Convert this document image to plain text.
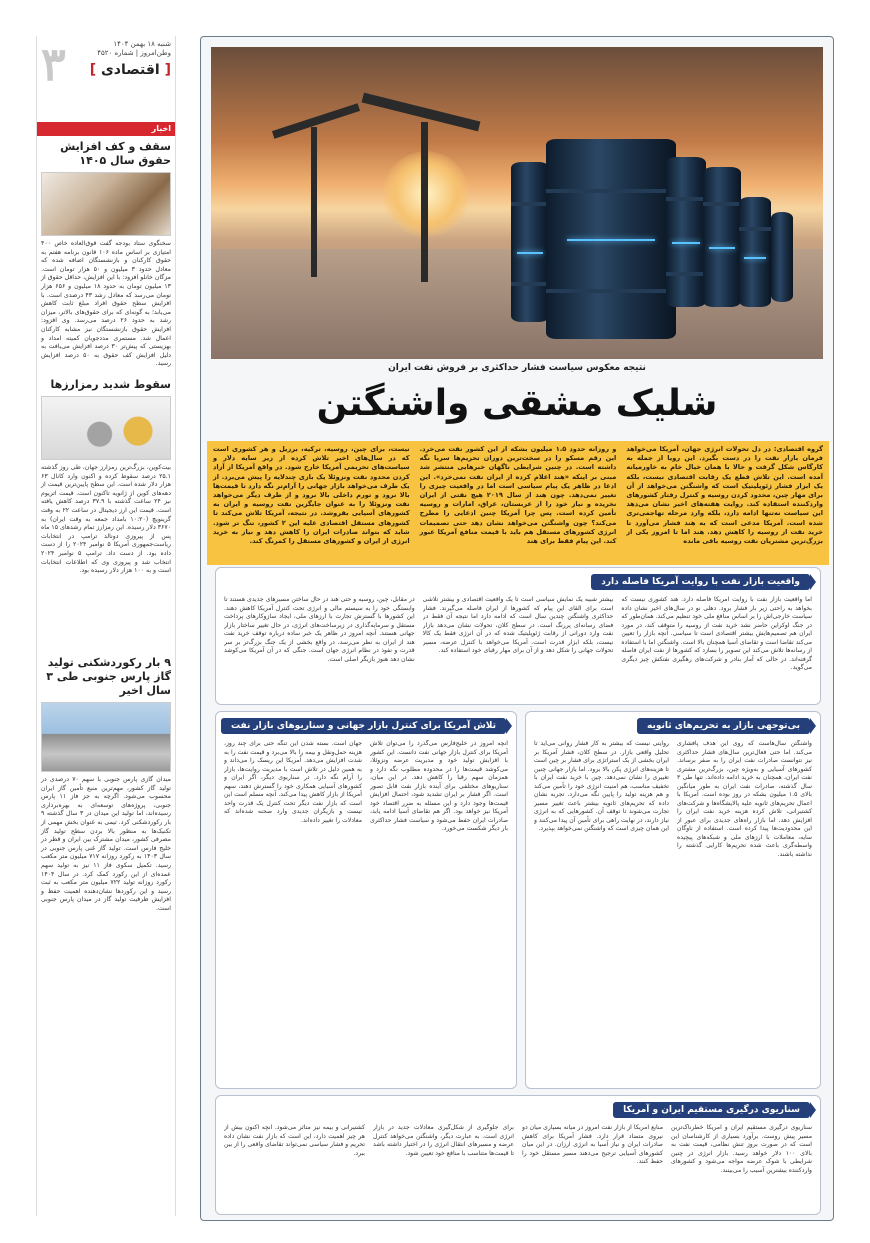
۳	شنبه ۱۸ بهمن ۱۴۰۴
وطن‌امروز | شماره ۴۵۲۰
[ اقتصادی ]
اخبار
سقف و کف افزایش حقوق سال ۱۴۰۵
سخنگوی ستاد بودجه گفت قوق‌العاده خاص ۴۰۰ امتیازی بر اساس ماده ۱۰۶ قانون برنامه هفتم به حقوق کارکنان و بازنشستگان اضافه شده که معادل حدود ۳ میلیون و ۵۰ هزار تومان است. مزگان خانلو افزود: با این افزایش، حداقل حقوق از ۱۳ میلیون تومان به حدود ۱۸ میلیون و ۶۵۶ هزار تومان می‌رسد که معادل رشد ۴۳ درصدی است. با افزایش سطح حقوق افراد مبلغ ثابت کاهش می‌یابد؛ به گونه‌ای که برای حقوق‌های بالاتر، میزان رشد به حدود ۲۶ درصد می‌رسد. وی افزود: افزایش حقوق بازنشستگان نیز مشابه کارکنان اعمال شد. مستمری مددجویان کمیته امداد و بهزیستی که پیش‌تر ۳۰ درصد افزایش می‌یافت به دلیل افزایش کف حقوق به ۵۰ درصد افزایش رسید.
سقوط شدید رمزارزها
بیت‌کوین، بزرگ‌ترین رمزارز جهان، طی روز گذشته ۲۵.۱ درصد سقوط کرده و اکنون وارد کانال ۶۳ هزار دلار شده است. این سطح پایین‌ترین قیمت از دهه‌های کوین از ژانویه‌ تاکنون است. قیمت اتریوم نیز ۲۴ ساعت گذشته با ۳۷.۹ درصد کاهش یافته است. قیمت این ارز دیجیتال در ساعت ۲۲ به وقت گرینویچ (۱۰:۲۰ بامداد جمعه به وقت ایران) به ۳۶۷۰ دلار رسیده. این رمزارز تمام رشدهای ۱۵ ماه پس از پیروزی دونالد ترامپ در انتخابات ریاست‌جمهوری آمریکا ۵ نوامبر ۲۰۲۴ را از دست داده بود. از دست داد. ترامپ ۵ نوامبر ۲۰۲۴ انتخاب شد و پیروزی وی که اطلاعات انتخابات است و به ۱۰۰ هزار دلار رسیده بود.
۹ بار رکوردشکنی تولید گاز پارس جنوبی طی ۳ سال اخیر
میدان گازی پارس جنوبی با سهم ۷۰ درصدی در تولید گاز کشور، مهم‌ترین منبع تأمین گاز ایران محسوب می‌شود. اگرچه به جز فاز ۱۱ پارس جنوبی، پروژه‌های توسعه‌ای به بهره‌برداری رسیده‌اند، اما تولید این میدان در ۳ سال گذشته ۹ بار رکوردشکنی کرد. تیمی به عنوان بخش مهمی از تکنیک‌ها به منظور بالا بردن سطح تولید گاز مصرفی کشور، میدان مشترک بین ایران و قطر در خلیج فارس است. تولید گاز غنی پارس جنوبی در سال ۱۴۰۳ به رکورد روزانه ۷۱۷ میلیون متر مکعب رسید. تکمیل سکوی فاز ۱۱ نیز به تولید سهم عمده‌ای از این رکورد کمک کرد. در سال ۱۴۰۴ رکورد روزانه تولید ۷۲۲ میلیون متر مکعب به ثبت رسید و این رکوردها نشان‌دهنده اهمیت حفظ و افزایش ظرفیت تولید گاز در میدان پارس جنوبی است.
نتیجه معکوس سیاست فشار حداکثری بر فروش نفت ایران
شلیک مشقی واشنگتن
گروه اقتصادی: در دل تحولات انرژی جهان، آمریکا می‌خواهد فرمان بازار نفت را در دست بگیرد. این رویا از جمله به کارگاس شکل گرفت و حالا با همان خیال خام به خاورمیانه آمده است. این تلاش قطع یک رقابت اقتصادی نیست، بلکه یک ابزار فشار ژئوپلیتیک است که واشنگتن می‌خواهد از آن برای مهار چین، محدود کردن روسیه و کنترل رفتار کشورهای وارد‌کننده استفاده کند. روایت هفته‌های اخیر نشان می‌دهد این سیاست نه‌تنها ادامه دارد، بلکه وارد مرحله تهاجمی‌تری شده است. آمریکا مدعی است که به هند فشار می‌آورد تا خرید نفت از روسیه را کاهش دهد. هند اما تا امروز یکی از بزرگ‌ترین مشتریان نفت روسیه باقی مانده
و روزانه حدود ۱.۵ میلیون بشکه از این کشور نفت می‌خرد. این رقم مسکو را در سخت‌ترین دوران تحریم‌ها سرپا نگه داشته است. در چنین شرایطی ناگهان خبرهایی منتشر شد مبنی بر اینکه «هند اعلام کرده از ایران نفت نمی‌خرد». این ادعا در ظاهر یک پیام سیاسی است اما در واقعیت چیزی را تغییر نمی‌دهد. چون هند از سال ۲۰۱۹ هیچ نفتی از ایران نخریده و نیاز خود را از عربستان، عراق، امارات و روسیه تأمین کرده است. پس چرا آمریکا چنین ادعایی را مطرح می‌کند؟ چون واشنگتن می‌خواهد نشان دهد حتی تصمیمات انرژی کشورهای مستقل هم باید با قیمت منافع آمریکا عبور کند. این پیام فقط برای هند
نیست، برای چین، روسیه، ترکیه، برزیل و هر کشوری است که در سال‌های اخیر تلاش کرده از زیر سایه دلار و سیاست‌های تحریمی آمریکا خارج شود. در واقع آمریکا از آزاد کردن محدود نفت ونزوئلا یک بازی چندلایه را پیش می‌برد. از یک طرف می‌خواهد بازار جهانی را آرام‌تر نگه دارد تا قیمت‌ها بالا نرود و تورم داخلی بالا نرود و از طرف دیگر می‌خواهد نفت ونزوئلا را به عنوان جایگزین نفت روسیه و ایران به کشورهای آسیایی بفروشد. در نتیجه، آمریکا تلاش می‌کند تا کشورهای مستقل اقتصادی علیه این ۲ کشور، تنگ تر شود. شاید که بتواند صادرات ایران را کاهش دهد و نیاز به خرید انرژی از ایران و کشورهای مستقل را کمرنگ کند.
واقعیت بازار نفت با روایت آمریکا فاصله دارد
اما واقعیت بازار نفت با روایت آمریکا فاصله دارد. هند کشوری نیست که بخواهد به راحتی زیر بار فشار برود. دهلی نو در سال‌های اخیر نشان داده سیاست خارجی‌اش را بر اساس منافع ملی خود تنظیم می‌کند. همان‌طور که در جنگ اوکراین حاضر نشد خرید نفت از روسیه را متوقف کند، در مورد ایران هم تصمیم‌هایش بیشتر اقتصادی است تا سیاسی. آنچه بازار را تعیین می‌کند تقاضا است و تقاضای آسیا همچنان بالا است. واشنگتن اما با استفاده از رسانه‌ها تلاش می‌کند این تصویر را بسازد که کشورها از نفت ایران فاصله گرفته‌اند. در حالی که آمار بنادر و شرکت‌های رهگیری نفتکش چیز دیگری می‌گوید.
بیشتر شبیه یک نمایش سیاسی است تا یک واقعیت اقتصادی و بیشتر تلاشی است برای القای این پیام که کشورها از ایران فاصله می‌گیرند. فشار حداکثری واشنگتن چندین سال است که ادامه دارد اما نتیجه آن فقط در فضای رسانه‌ای پررنگ است. در سطح کلان، تحولات نشان می‌دهد بازار نفت وارد دورانی از رقابت ژئوپلیتیک شده که در آن انرژی فقط یک کالا نیست، بلکه ابزار قدرت است. آمریکا می‌خواهد با کنترل عرضه، مسیر تحولات جهانی را شکل دهد و از آن برای مهار رقبای خود استفاده کند.
در مقابل، چین، روسیه و حتی هند در حال ساختن مسیرهای جدیدی هستند تا وابستگی خود را به سیستم مالی و انرژی تحت کنترل آمریکا کاهش دهند. این کشورها با گسترش تجارت با ارزهای ملی، ایجاد سازوکارهای پرداخت مستقل و سرمایه‌گذاری در زیرساخت‌های انرژی، در حال تغییر ساختار بازار جهانی هستند. آنچه امروز در ظاهر یک خبر ساده درباره توقف خرید نفت هند از ایران به نظر می‌رسد، در واقع بخشی از یک جنگ بزرگ‌تر بر سر قدرت و نفوذ در نظام انرژی جهان است. جنگی که در آن آمریکا می‌کوشد نشان دهد هنوز بازیگر اصلی است.
بی‌توجهی بازار به تحریم‌های ثانویه
واشنگتن سال‌هاست که روی این هدف پافشاری می‌کند. اما حتی فعال‌ترین سال‌های فشار حداکثری نیز نتوانست صادرات نفت ایران را به صفر برساند. کشورهای آسیایی و به‌ویژه چین، بزرگ‌ترین مشتری نفت ایران، همچنان به خرید ادامه داده‌اند. تنها طی ۳ سال گذشته، صادرات نفت ایران به طور میانگین بالای ۱.۵ میلیون بشکه در روز بوده است. آمریکا با اعمال تحریم‌های ثانویه علیه پالایشگاه‌ها و شرکت‌های کشتیرانی، تلاش کرده هزینه خرید نفت ایران را افزایش دهد، اما بازار راه‌های جدیدی برای عبور از این محدودیت‌ها پیدا کرده است. استفاده از ناوگان سایه، معاملات با ارزهای ملی و شبکه‌های پیچیده واسطه‌گری باعث شده تحریم‌ها کارایی گذشته را نداشته باشند.
روایتی نیست که بیشتر به کار فشار روانی می‌آید تا تحلیل واقعی بازار. در سطح کلان، فشار آمریکا بر ایران بخشی از یک استراتژی برای فشار بر چین است تا هزینه‌های انرژی پکن بالا برود. اما بازار جهانی چنین تغییری را نشان نمی‌دهد. چین با خرید نفت ایران با تخفیف مناسب، هم امنیت انرژی خود را تأمین می‌کند و هم هزینه تولید را پایین نگه می‌دارد. تجربه نشان داده که تحریم‌های ثانویه بیشتر باعث تغییر مسیر تجارت می‌شوند تا توقف آن. کشورهایی که به انرژی نیاز دارند، در نهایت راهی برای تأمین آن پیدا می‌کنند و این همان چیزی است که واشنگتن نمی‌خواهد بپذیرد.
تلاش آمریکا برای کنترل بازار جهانی و سناریوهای بازار نفت
آنچه امروز در خلیج‌فارس می‌گذرد را می‌توان تلاش آمریکا برای کنترل بازار جهانی نفت دانست. این کشور با افزایش تولید خود و مدیریت عرضه ونزوئلا، می‌کوشد قیمت‌ها را در محدوده مطلوب نگه دارد و همزمان سهم رقبا را کاهش دهد. در این میان، سناریوهای مختلفی برای آینده بازار نفت قابل تصور است. اگر فشار بر ایران تشدید شود، احتمال افزایش قیمت‌ها وجود دارد و این مسئله به ضرر اقتصاد خود آمریکا نیز خواهد بود. اگر هم تقاضای آسیا ادامه یابد، صادرات ایران حفظ می‌شود و سیاست فشار حداکثری بار دیگر شکست می‌خورد.
جهان است. بسته شدن این تنگه حتی برای چند روز، هزینه حمل‌ونقل و بیمه را بالا می‌برد و قیمت نفت را به شدت افزایش می‌دهد. آمریکا این ریسک را می‌داند و به همین دلیل در تلاش است با مدیریت روایت‌ها، بازار را آرام نگه دارد. در سناریوی دیگر، اگر ایران و کشورهای آسیایی همکاری خود را گسترش دهند، سهم آمریکا از بازار کاهش پیدا می‌کند. آنچه مسلم است این است که بازار نفت دیگر تحت کنترل یک قدرت واحد نیست و بازیگران جدیدی وارد صحنه شده‌اند که معادلات را تغییر داده‌اند.
سناریوی درگیری مستقیم ایران و آمریکا
سناریوی درگیری مستقیم ایران و آمریکا خطرناک‌ترین مسیر پیش روست. برآورد بسیاری از کارشناسان این است که در صورت بروز تنش نظامی، قیمت نفت به بالای ۱۰۰ دلار خواهد رسید. بازار انرژی در چنین شرایطی با شوک عرضه مواجه می‌شود و کشورهای وارد‌کننده بیشترین آسیب را می‌بینند.
منابع آمریکا از بازار نفت امروز در میانه بسیاری میان دو نیروی متضاد قرار دارد. فشار آمریکا برای کاهش صادرات ایران و نیاز آسیا به انرژی ارزان. در این میان کشورهای آسیایی ترجیح می‌دهند مسیر مستقل خود را حفظ کنند.
برای جلوگیری از شکل‌گیری معادلات جدید در بازار انرژی است. به عبارت دیگر، واشنگتن می‌خواهد کنترل عرضه و مسیرهای انتقال انرژی را در اختیار داشته باشد تا قیمت‌ها متناسب با منافع خود تعیین شود.
کشتیرانی و بیمه نیز متأثر می‌شود. آنچه اکنون بیش از هر چیز اهمیت دارد، این است که بازار نفت نشان داده تحریم و فشار سیاسی نمی‌تواند تقاضای واقعی را از بین ببرد.
